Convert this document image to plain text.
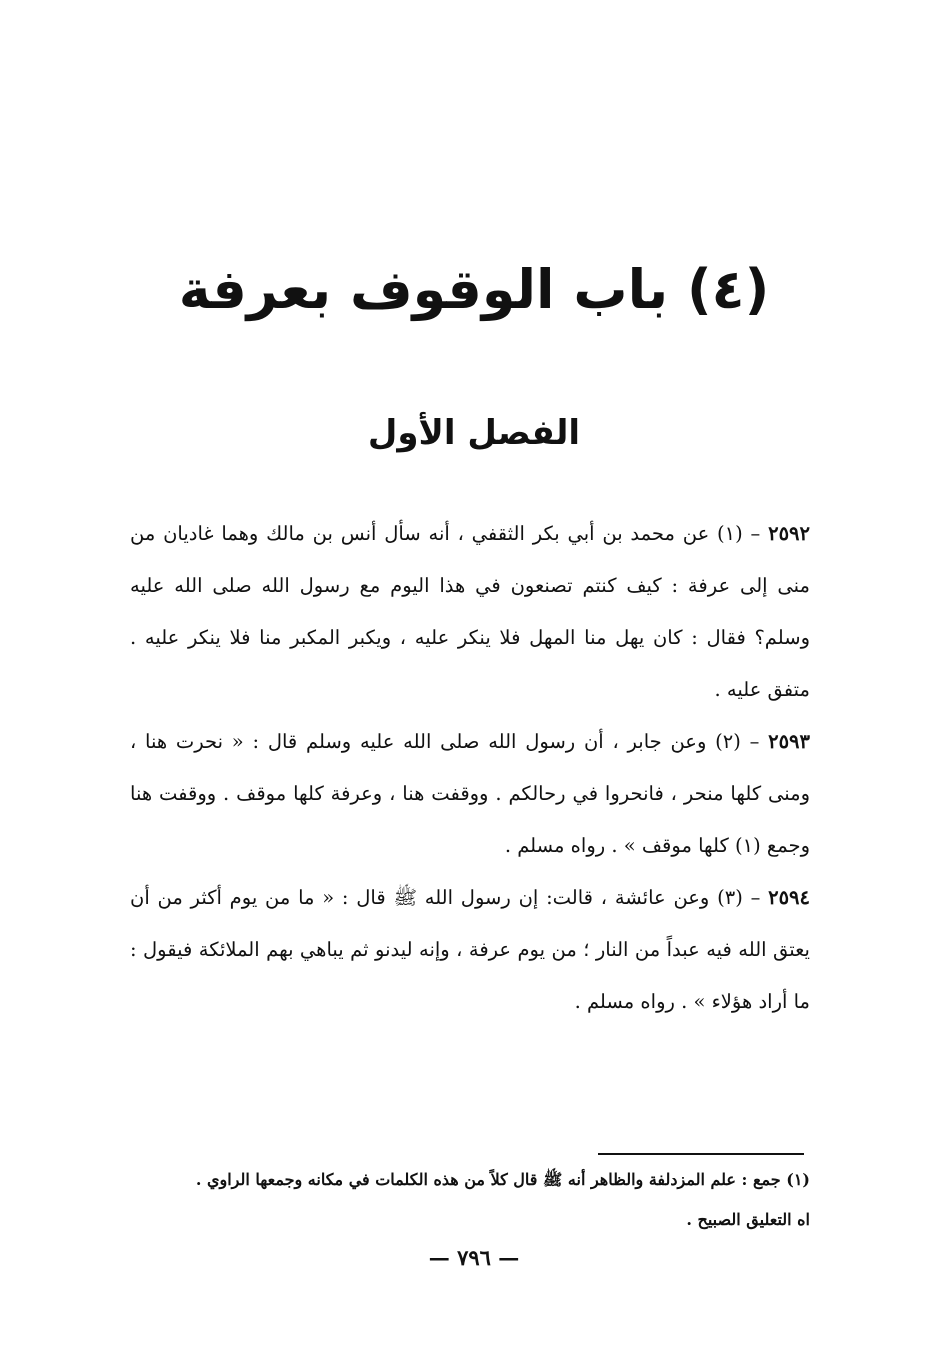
(٤) باب الوقوف بعرفة
الفصل الأول

٢٥٩٢ – (١) عن محمد بن أبي بكر الثقفي ، أنه سأل أنس بن مالك وهما غاديان من منى إلى عرفة : كيف كنتم تصنعون في هذا اليوم مع رسول الله صلى الله عليه وسلم؟ فقال : كان يهل منا المهل فلا ينكر عليه ، ويكبر المكبر منا فلا ينكر عليه . متفق عليه .

٢٥٩٣ – (٢) وعن جابر ، أن رسول الله صلى الله عليه وسلم قال : « نحرت هنا ، ومنى كلها منحر ، فانحروا في رحالكم . ووقفت هنا ، وعرفة كلها موقف . ووقفت هنا وجمع (١) كلها موقف » . رواه مسلم .

٢٥٩٤ – (٣) وعن عائشة ، قالت: إن رسول الله ﷺ قال : « ما من يوم أكثر من أن يعتق الله فيه عبداً من النار ؛ من يوم عرفة ، وإنه ليدنو ثم يباهي بهم الملائكة فيقول : ما أراد هؤلاء » . رواه مسلم .

(١) جمع : علم المزدلفة والظاهر أنه ﷺ قال كلاً من هذه الكلمات في مكانه وجمعها الراوي .

اه التعليق الصبيح .

— ٧٩٦ —
